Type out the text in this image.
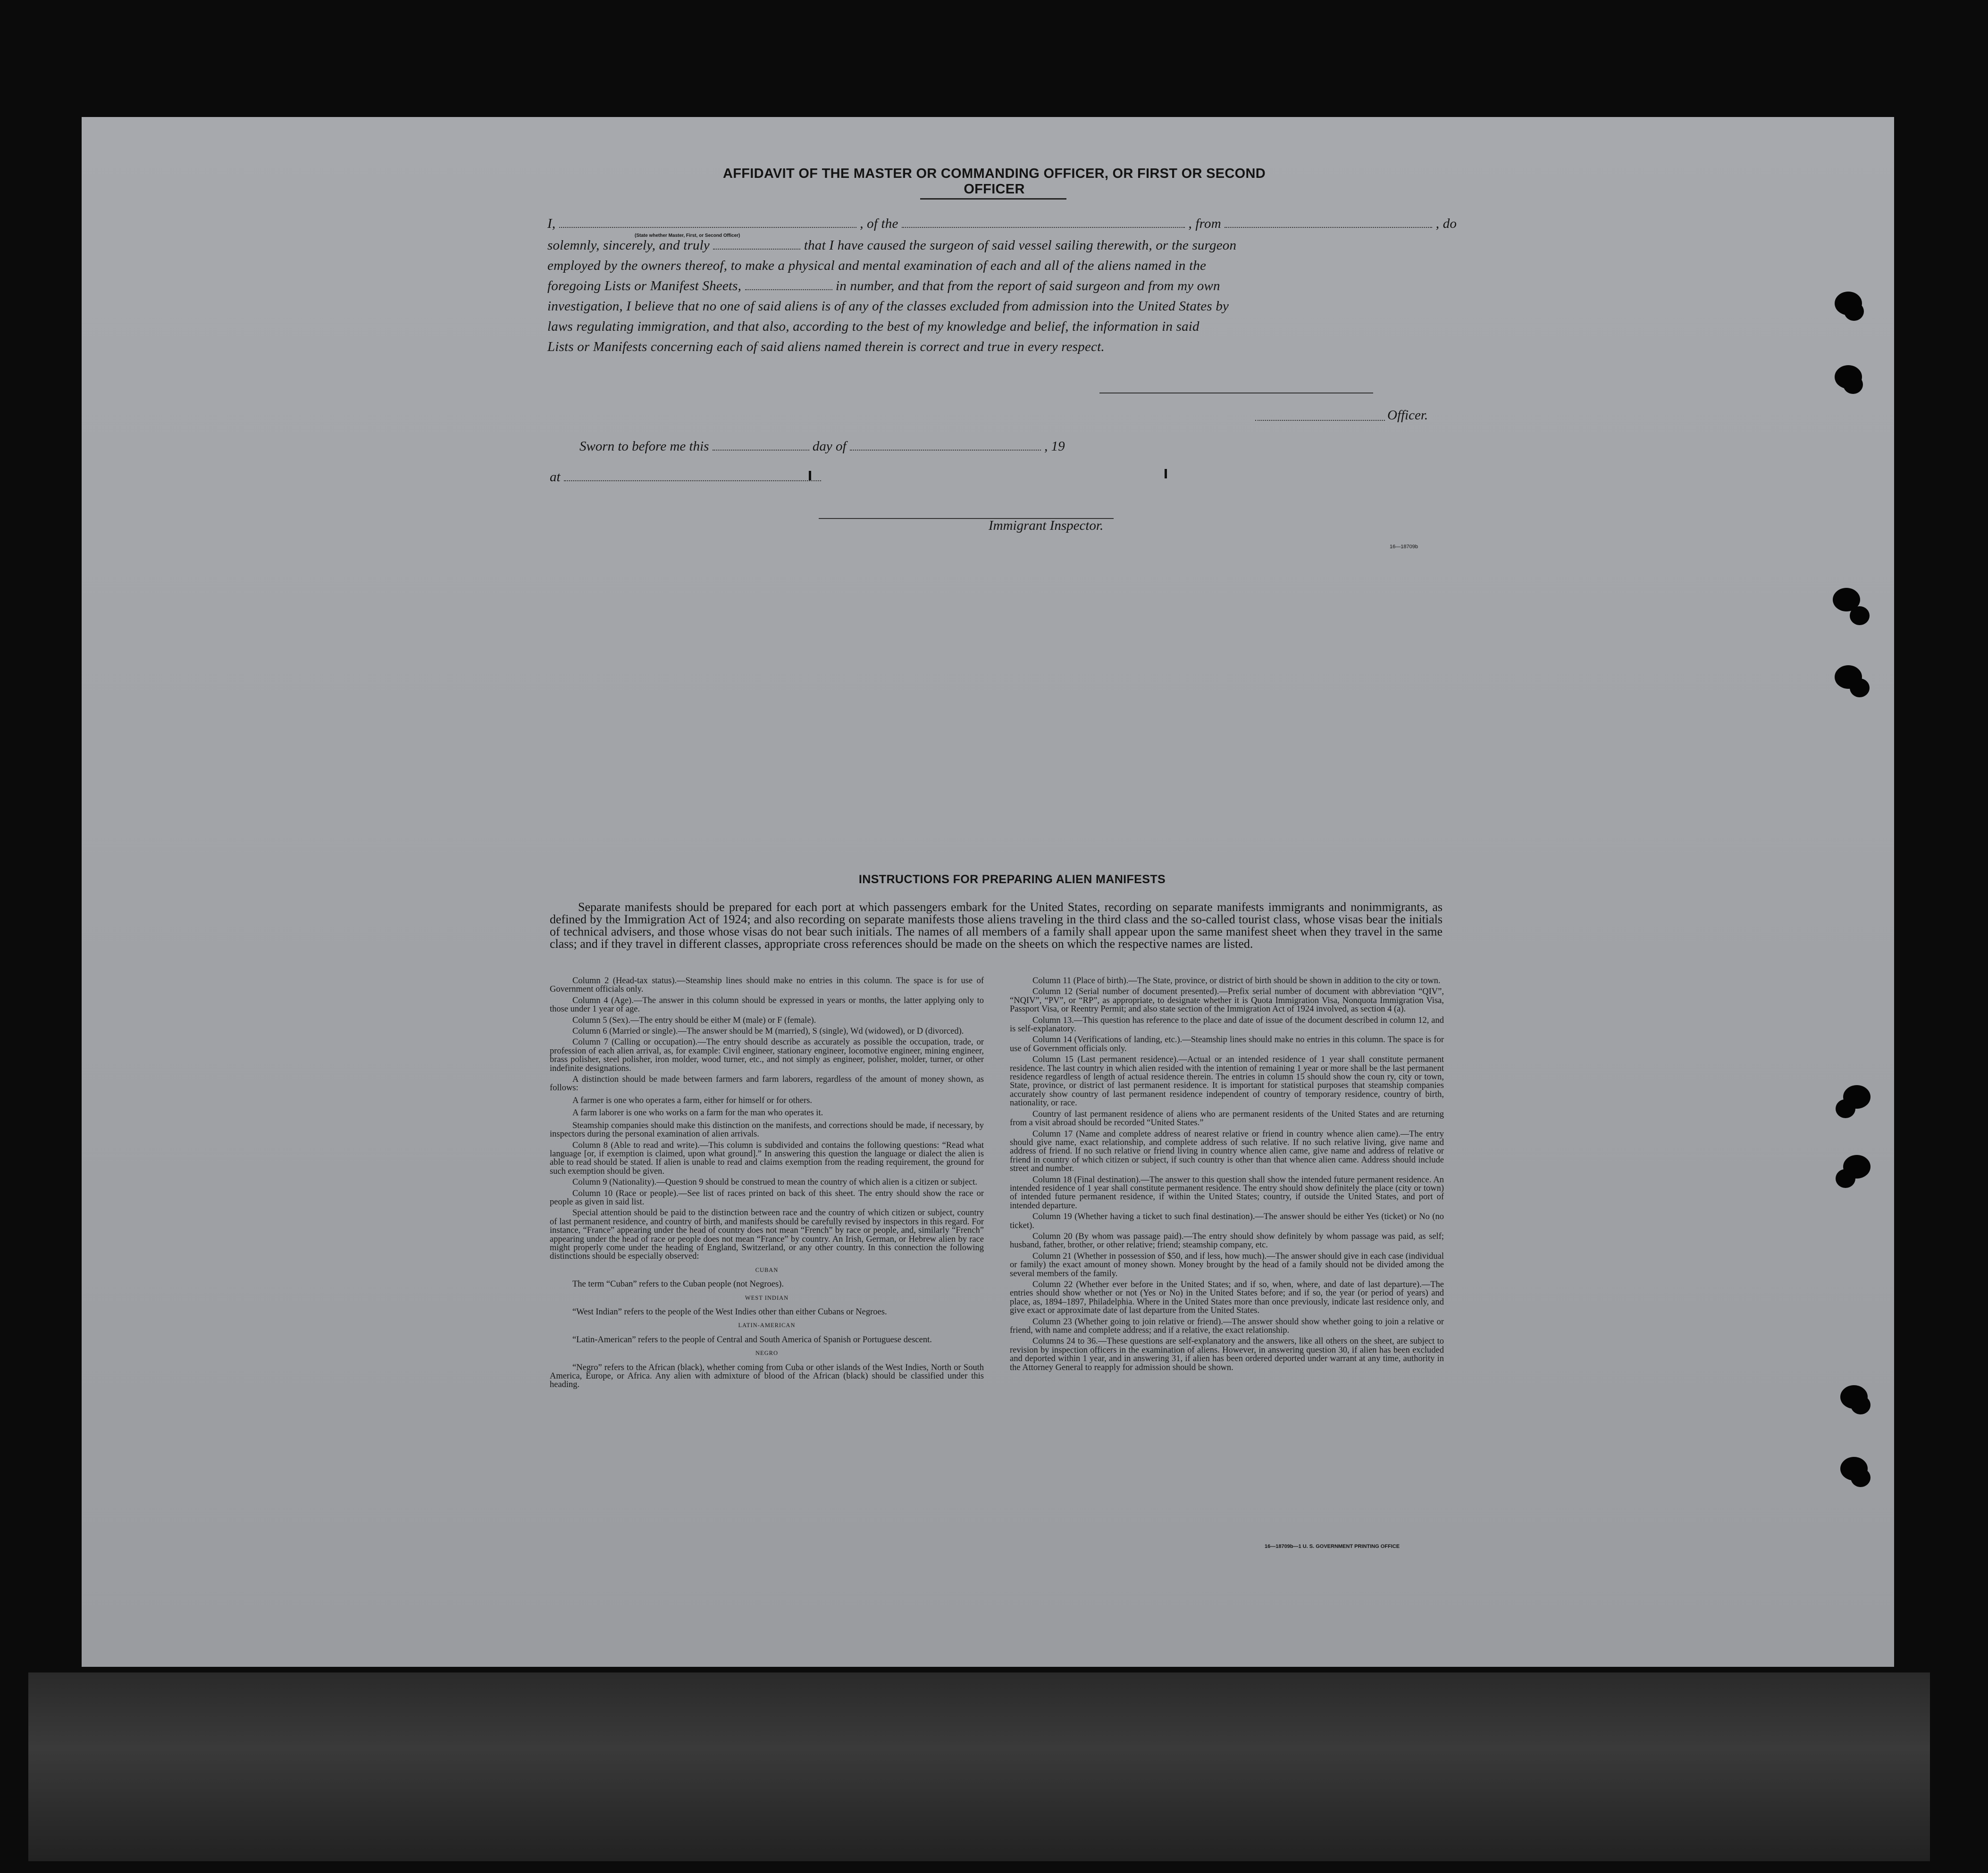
AFFIDAVIT OF THE MASTER OR COMMANDING OFFICER, OR FIRST OR SECOND OFFICER
I,	, of the	, from	, do
(State whether Master, First, or Second Officer)
solemnly, sincerely, and truly	that I have caused the surgeon of said vessel sailing therewith, or the surgeon
employed by the owners thereof, to make a physical and mental examination of each and all of the aliens named in the
foregoing Lists or Manifest Sheets,	in number, and that from the report of said surgeon and from my own
investigation, I believe that no one of said aliens is of any of the classes excluded from admission into the United States by
laws regulating immigration, and that also, according to the best of my knowledge and belief, the information in said
Lists or Manifests concerning each of said aliens named therein is correct and true in every respect.
Officer.
Sworn to before me this	day of	, 19
at
Immigrant Inspector.
16—18709b
INSTRUCTIONS FOR PREPARING ALIEN MANIFESTS
Separate manifests should be prepared for each port at which passengers embark for the United States, recording on separate manifests immigrants and nonimmigrants, as defined by the Immigration Act of 1924; and also recording on separate manifests those aliens traveling in the third class and the so-called tourist class, whose visas bear the initials of technical advisers, and those whose visas do not bear such initials. The names of all members of a family shall appear upon the same manifest sheet when they travel in the same class; and if they travel in different classes, appropriate cross references should be made on the sheets on which the respective names are listed.

Column 2 (Head-tax status).—Steamship lines should make no entries in this column. The space is for use of Government officials only.

Column 4 (Age).—The answer in this column should be expressed in years or months, the latter applying only to those under 1 year of age.

Column 5 (Sex).—The entry should be either M (male) or F (female).

Column 6 (Married or single).—The answer should be M (married), S (single), Wd (widowed), or D (divorced).

Column 7 (Calling or occupation).—The entry should describe as accurately as possible the occupation, trade, or profession of each alien arrival, as, for example: Civil engineer, stationary engineer, locomotive engineer, mining engineer, brass polisher, steel polisher, iron molder, wood turner, etc., and not simply as engineer, polisher, molder, turner, or other indefinite designations.

A distinction should be made between farmers and farm laborers, regardless of the amount of money shown, as follows:

A farmer is one who operates a farm, either for himself or for others.

A farm laborer is one who works on a farm for the man who operates it.

Steamship companies should make this distinction on the manifests, and corrections should be made, if necessary, by inspectors during the personal examination of alien arrivals.

Column 8 (Able to read and write).—This column is subdivided and contains the following questions: “Read what language [or, if exemption is claimed, upon what ground].” In answering this question the language or dialect the alien is able to read should be stated. If alien is unable to read and claims exemption from the reading requirement, the ground for such exemption should be given.

Column 9 (Nationality).—Question 9 should be construed to mean the country of which alien is a citizen or subject.

Column 10 (Race or people).—See list of races printed on back of this sheet. The entry should show the race or people as given in said list.

Special attention should be paid to the distinction between race and the country of which citizen or subject, country of last permanent residence, and country of birth, and manifests should be carefully revised by inspectors in this regard. For instance, “France” appearing under the head of country does not mean “French” by race or people, and, similarly “French” appearing under the head of race or people does not mean “France” by country. An Irish, German, or Hebrew alien by race might properly come under the heading of England, Switzerland, or any other country. In this connection the following distinctions should be especially observed:

CUBAN

The term “Cuban” refers to the Cuban people (not Negroes).

WEST INDIAN

“West Indian” refers to the people of the West Indies other than either Cubans or Negroes.

LATIN-AMERICAN

“Latin-American” refers to the people of Central and South America of Spanish or Portuguese descent.

NEGRO

“Negro” refers to the African (black), whether coming from Cuba or other islands of the West Indies, North or South America, Europe, or Africa. Any alien with admixture of blood of the African (black) should be classified under this heading.

Column 11 (Place of birth).—The State, province, or district of birth should be shown in addition to the city or town.

Column 12 (Serial number of document presented).—Prefix serial number of document with abbreviation “QIV”, “NQIV”, “PV”, or “RP”, as appropriate, to designate whether it is Quota Immigration Visa, Nonquota Immigration Visa, Passport Visa, or Reentry Permit; and also state section of the Immigration Act of 1924 involved, as section 4 (a).

Column 13.—This question has reference to the place and date of issue of the document described in column 12, and is self-explanatory.

Column 14 (Verifications of landing, etc.).—Steamship lines should make no entries in this column. The space is for use of Government officials only.

Column 15 (Last permanent residence).—Actual or an intended residence of 1 year shall constitute permanent residence. The last country in which alien resided with the intention of remaining 1 year or more shall be the last permanent residence regardless of length of actual residence therein. The entries in column 15 should show the coun ry, city or town, State, province, or district of last permanent residence. It is important for statistical purposes that steamship companies accurately show country of last permanent residence independent of country of temporary residence, country of birth, nationality, or race.

Country of last permanent residence of aliens who are permanent residents of the United States and are returning from a visit abroad should be recorded “United States.”

Column 17 (Name and complete address of nearest relative or friend in country whence alien came).—The entry should give name, exact relationship, and complete address of such relative. If no such relative living, give name and address of friend. If no such relative or friend living in country whence alien came, give name and address of relative or friend in country of which citizen or subject, if such country is other than that whence alien came. Address should include street and number.

Column 18 (Final destination).—The answer to this question shall show the intended future permanent residence. An intended residence of 1 year shall constitute permanent residence. The entry should show definitely the place (city or town) of intended future permanent residence, if within the United States; country, if outside the United States, and port of intended departure.

Column 19 (Whether having a ticket to such final destination).—The answer should be either Yes (ticket) or No (no ticket).

Column 20 (By whom was passage paid).—The entry should show definitely by whom passage was paid, as self; husband, father, brother, or other relative; friend; steamship company, etc.

Column 21 (Whether in possession of $50, and if less, how much).—The answer should give in each case (individual or family) the exact amount of money shown. Money brought by the head of a family should not be divided among the several members of the family.

Column 22 (Whether ever before in the United States; and if so, when, where, and date of last departure).—The entries should show whether or not (Yes or No) in the United States before; and if so, the year (or period of years) and place, as, 1894–1897, Philadelphia. Where in the United States more than once previously, indicate last residence only, and give exact or approximate date of last departure from the United States.

Column 23 (Whether going to join relative or friend).—The answer should show whether going to join a relative or friend, with name and complete address; and if a relative, the exact relationship.

Columns 24 to 36.—These questions are self-explanatory and the answers, like all others on the sheet, are subject to revision by inspection officers in the examination of aliens. However, in answering question 30, if alien has been excluded and deported within 1 year, and in answering 31, if alien has been ordered deported under warrant at any time, authority in the Attorney General to reapply for admission should be shown.

16—18709b—1 U. S. GOVERNMENT PRINTING OFFICE
